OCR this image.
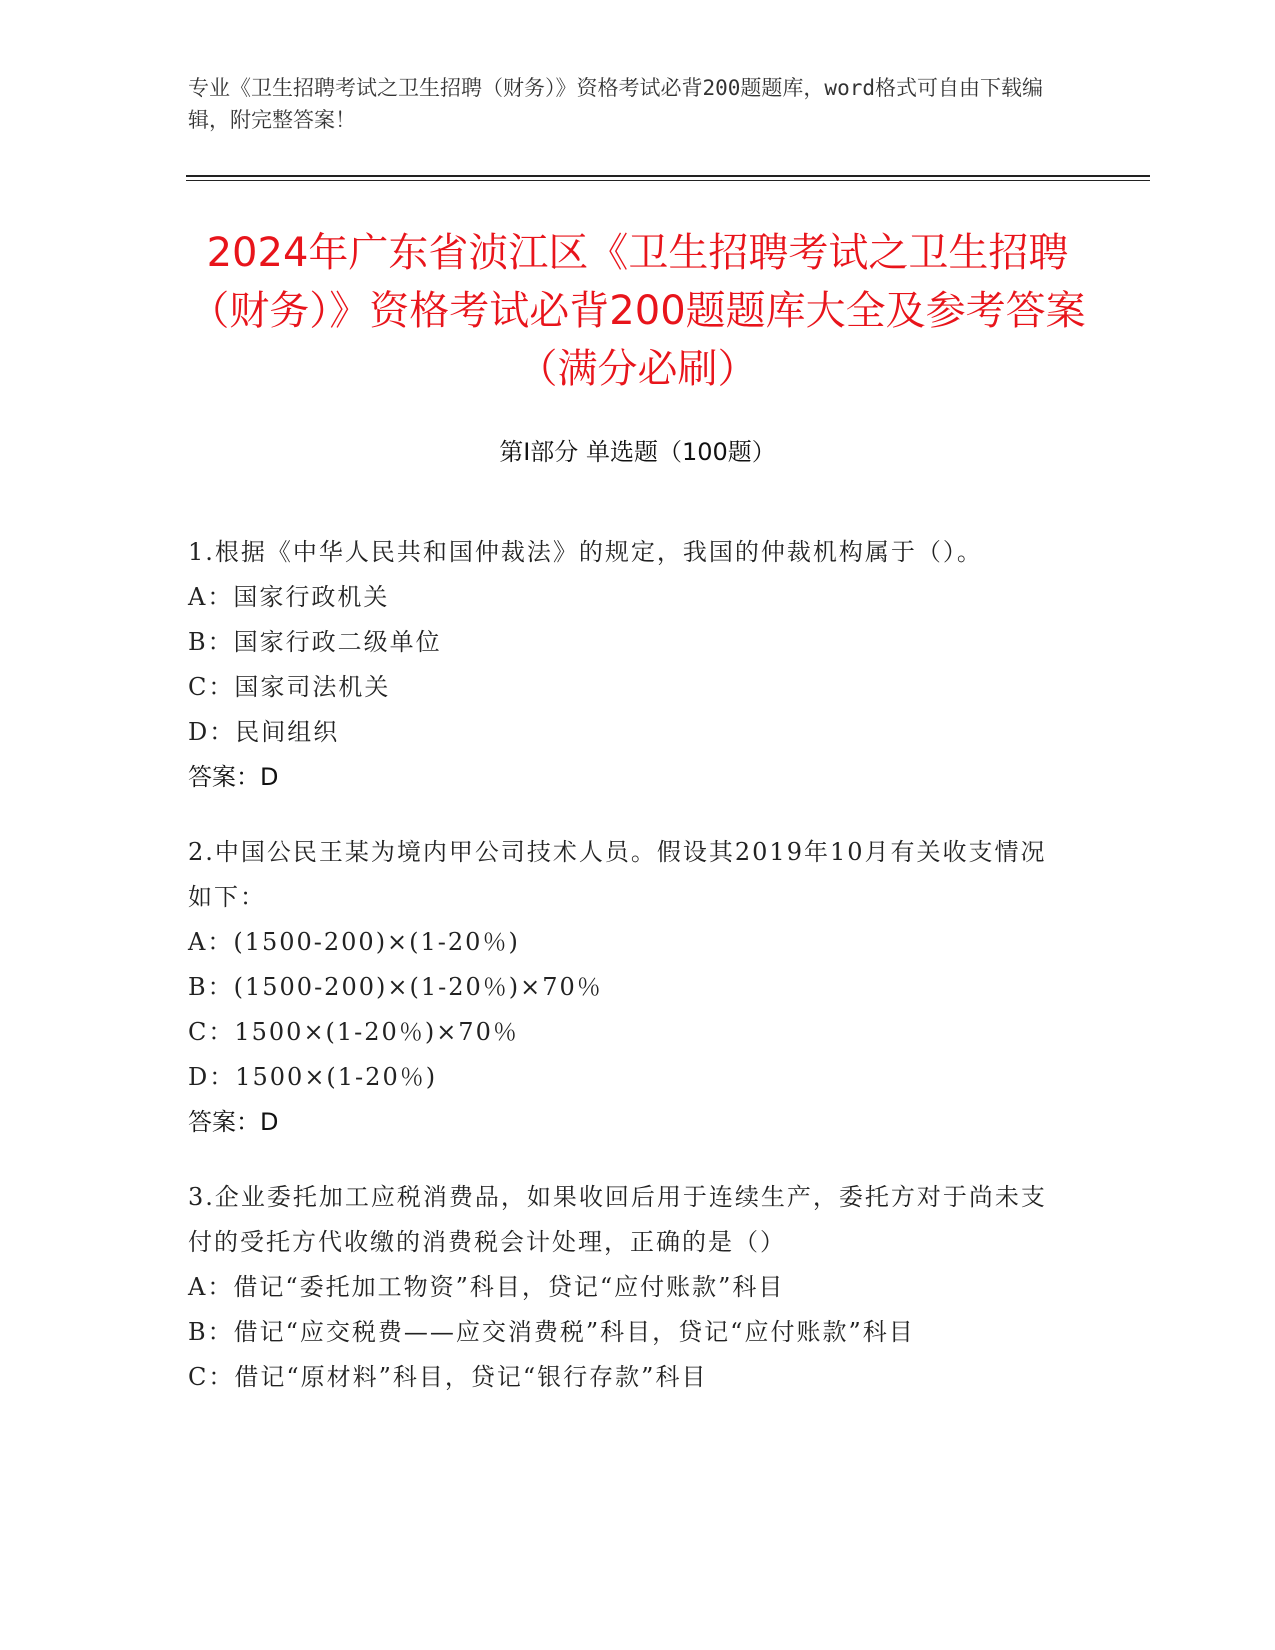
专业《卫生招聘考试之卫生招聘（财务）》资格考试必背200题题库，word格式可自由下载编辑，附完整答案！
2024年广东省浈江区《卫生招聘考试之卫生招聘（财务）》资格考试必背200题题库大全及参考答案（满分必刷）
第Ⅰ部分 单选题（100题）
1.根据《中华人民共和国仲裁法》的规定，我国的仲裁机构属于（）。
A：国家行政机关
B：国家行政二级单位
C：国家司法机关
D：民间组织
答案：D
2.中国公民王某为境内甲公司技术人员。假设其2019年10月有关收支情况如下：
A：(1500-200)×(1-20％)
B：(1500-200)×(1-20％)×70％
C：1500×(1-20％)×70％
D：1500×(1-20％)
答案：D
3.企业委托加工应税消费品，如果收回后用于连续生产，委托方对于尚未支付的受托方代收缴的消费税会计处理，正确的是（）
A：借记“委托加工物资”科目，贷记“应付账款”科目
B：借记“应交税费——应交消费税”科目，贷记“应付账款”科目
C：借记“原材料”科目，贷记“银行存款”科目
